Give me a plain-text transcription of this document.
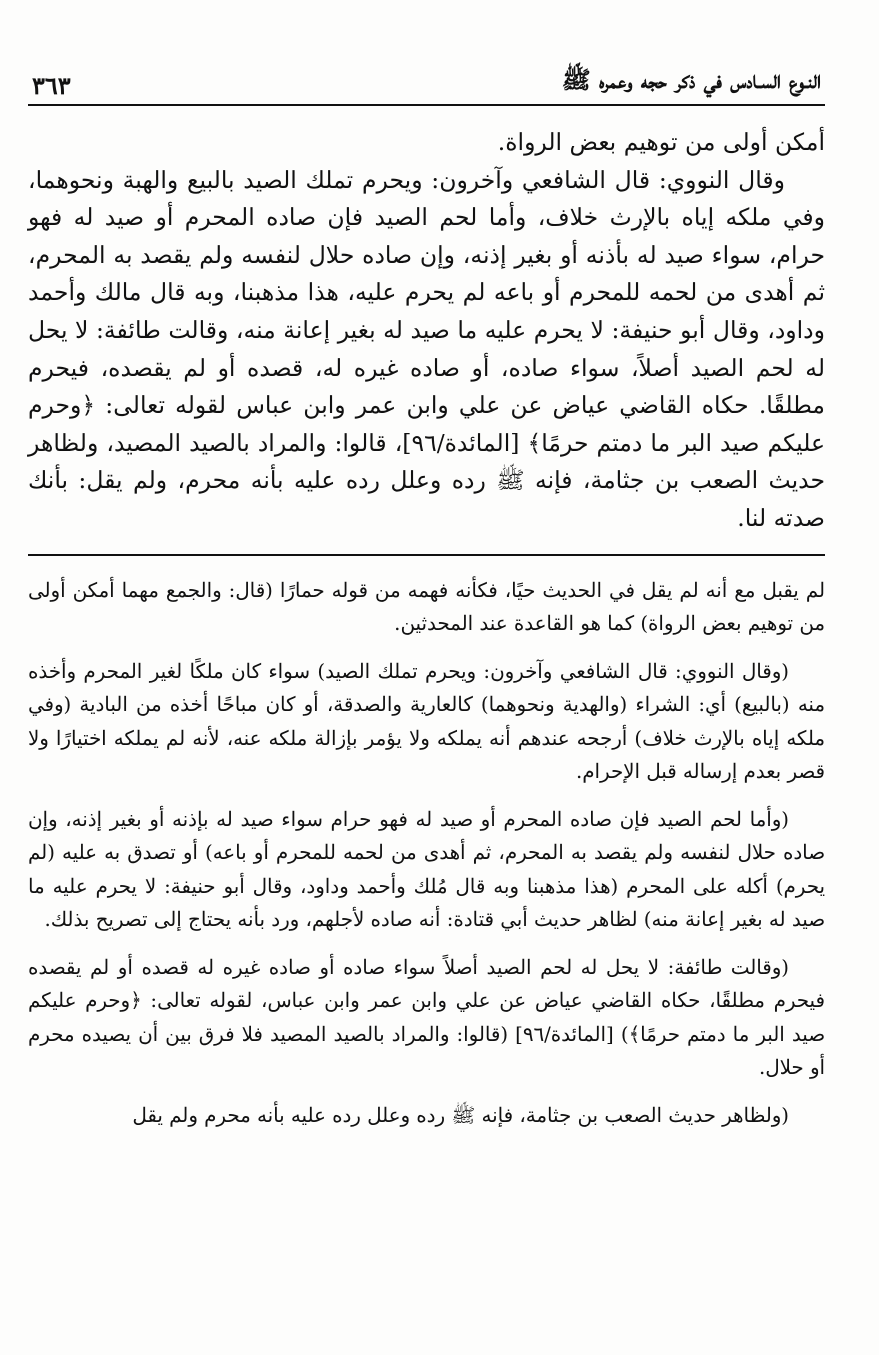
النـوع السـادس في ذكر حجه وعمره ﷺ
٣٦٣

أمكن أولى من توهيم بعض الرواة.

وقال النووي: قال الشافعي وآخرون: ويحرم تملك الصيد بالبيع والهبة ونحوهما، وفي ملكه إياه بالإرث خلاف، وأما لحم الصيد فإن صاده المحرم أو صيد له فهو حرام، سواء صيد له بأذنه أو بغير إذنه، وإن صاده حلال لنفسه ولم يقصد به المحرم، ثم أهدى من لحمه للمحرم أو باعه لم يحرم عليه، هذا مذهبنا، وبه قال مالك وأحمد وداود، وقال أبو حنيفة: لا يحرم عليه ما صيد له بغير إعانة منه، وقالت طائفة: لا يحل له لحم الصيد أصلاً، سواء صاده، أو صاده غيره له، قصده أو لم يقصده، فيحرم مطلقًا. حكاه القاضي عياض عن علي وابن عمر وابن عباس لقوله تعالى: ﴿وحرم عليكم صيد البر ما دمتم حرمًا﴾ [المائدة/٩٦]، قالوا: والمراد بالصيد المصيد، ولظاهر حديث الصعب بن جثامة، فإنه ﷺ رده وعلل رده عليه بأنه محرم، ولم يقل: بأنك صدته لنا.

لم يقبل مع أنه لم يقل في الحديث حيًا، فكأنه فهمه من قوله حمارًا (قال: والجمع مهما أمكن أولى من توهيم بعض الرواة) كما هو القاعدة عند المحدثين.

(وقال النووي: قال الشافعي وآخرون: ويحرم تملك الصيد) سواء كان ملكًا لغير المحرم وأخذه منه (بالبيع) أي: الشراء (والهدية ونحوهما) كالعارية والصدقة، أو كان مباحًا أخذه من البادية (وفي ملكه إياه بالإرث خلاف) أرجحه عندهم أنه يملكه ولا يؤمر بإزالة ملكه عنه، لأنه لم يملكه اختيارًا ولا قصر بعدم إرساله قبل الإحرام.

(وأما لحم الصيد فإن صاده المحرم أو صيد له فهو حرام سواء صيد له بإذنه أو بغير إذنه، وإن صاده حلال لنفسه ولم يقصد به المحرم، ثم أهدى من لحمه للمحرم أو باعه) أو تصدق به عليه (لم يحرم) أكله على المحرم (هذا مذهبنا وبه قال مُلك وأحمد وداود، وقال أبو حنيفة: لا يحرم عليه ما صيد له بغير إعانة منه) لظاهر حديث أبي قتادة: أنه صاده لأجلهم، ورد بأنه يحتاج إلى تصريح بذلك.

(وقالت طائفة: لا يحل له لحم الصيد أصلاً سواء صاده أو صاده غيره له قصده أو لم يقصده فيحرم مطلقًا، حكاه القاضي عياض عن علي وابن عمر وابن عباس، لقوله تعالى: ﴿وحرم عليكم صيد البر ما دمتم حرمًا﴾) [المائدة/٩٦] (قالوا: والمراد بالصيد المصيد فلا فرق بين أن يصيده محرم أو حلال.

(ولظاهر حديث الصعب بن جثامة، فإنه ﷺ رده وعلل رده عليه بأنه محرم ولم يقل
